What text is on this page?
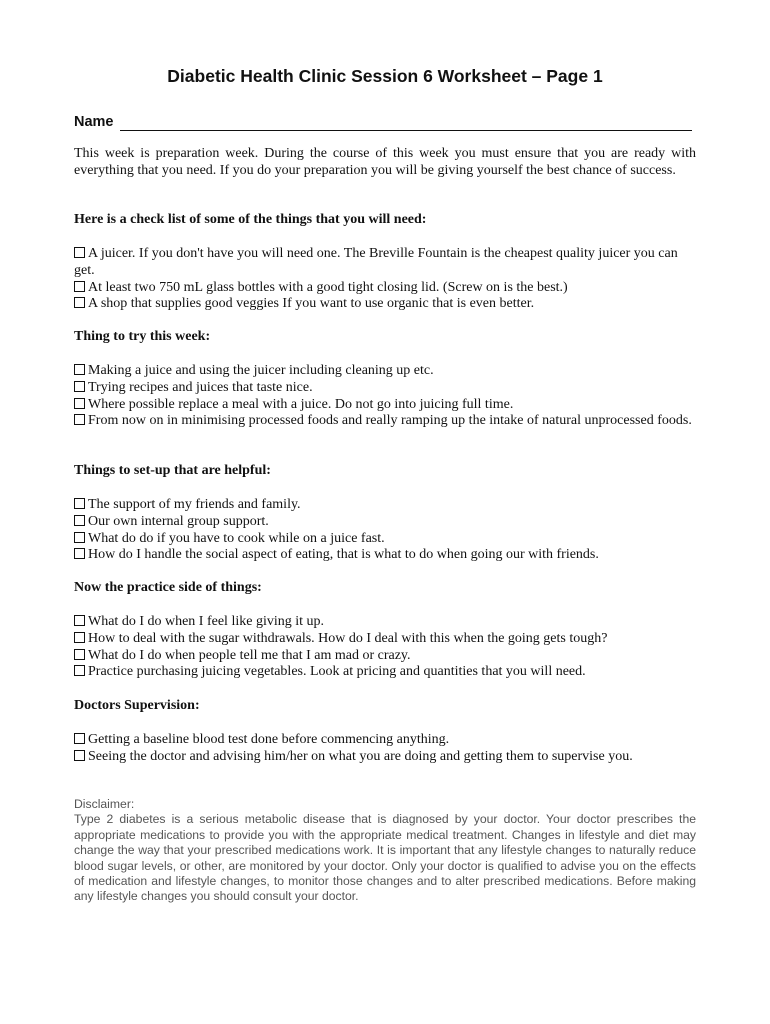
Diabetic Health Clinic Session 6 Worksheet – Page 1
Name

This week is preparation week. During the course of this week you must ensure that you are ready with everything that you need. If you do your preparation you will be giving yourself the best chance of success.

Here is a check list of some of the things that you will need:

A juicer. If you don't have you will need one. The Breville Fountain is the cheapest quality juicer you can get.
At least two 750 mL glass bottles with a good tight closing lid. (Screw on is the best.)
A shop that supplies good veggies If you want to use organic that is even better.

Thing to try this week:

Making a juice and using the juicer including cleaning up etc.
Trying recipes and juices that taste nice.
Where possible replace a meal with a juice. Do not go into juicing full time.
From now on in minimising processed foods and really ramping up the intake of natural unprocessed foods.

Things to set-up that are helpful:

The support of my friends and family.
Our own internal group support.
What do do if you have to cook while on a juice fast.
How do I handle the social aspect of eating, that is what to do when going our with friends.

Now the practice side of things:

What do I do when I feel like giving it up.
How to deal with the sugar withdrawals. How do I deal with this when the going gets tough?
What do I do when people tell me that I am mad or crazy.
Practice purchasing juicing vegetables. Look at pricing and quantities that you will need.

Doctors Supervision:

Getting a baseline blood test done before commencing anything.
Seeing the doctor and advising him/her on what you are doing and getting them to supervise you.

Disclaimer:
Type 2 diabetes is a serious metabolic disease that is diagnosed by your doctor. Your doctor prescribes the appropriate medications to provide you with the appropriate medical treatment. Changes in lifestyle and diet may change the way that your prescribed medications work. It is important that any lifestyle changes to naturally reduce blood sugar levels, or other, are monitored by your doctor. Only your doctor is qualified to advise you on the effects of medication and lifestyle changes, to monitor those changes and to alter prescribed medications. Before making any lifestyle changes you should consult your doctor.
